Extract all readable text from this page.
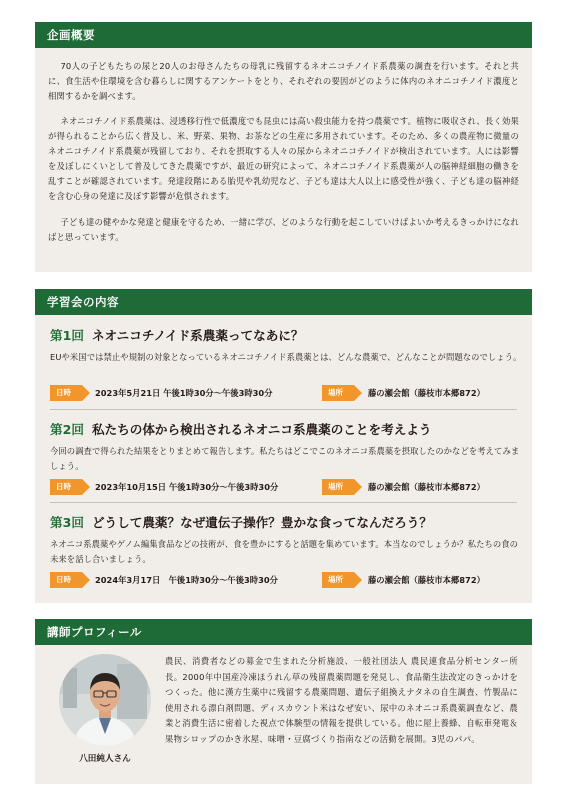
企画概要

70人の子どもたちの尿と20人のお母さんたちの母乳に残留するネオニコチノイド系農薬の調査を行います。それと共に、食生活や住環境を含む暮らしに関するアンケートをとり、それぞれの要因がどのように体内のネオニコチノイド濃度と相関するかを調べます。

ネオニコチノイド系農薬は、浸透移行性で低濃度でも昆虫には高い殺虫能力を持つ農薬です。植物に吸収され、長く効果が得られることから広く普及し、米、野菜、果物、お茶などの生産に多用されています。そのため、多くの農産物に微量のネオニコチノイド系農薬が残留しており、それを摂取する人々の尿からネオニコチノイドが検出されています。人には影響を及ぼしにくいとして普及してきた農薬ですが、最近の研究によって、ネオニコチノイド系農薬が人の脳神経細胞の働きを乱すことが確認されています。発達段階にある胎児や乳幼児など、子ども達は大人以上に感受性が強く、子ども達の脳神経を含む心身の発達に及ぼす影響が危惧されます。

子ども達の健やかな発達と健康を守るため、一緒に学び、どのような行動を起こしていけばよいか考えるきっかけになればと思っています。

学習会の内容
第1回 ネオニコチノイド系農薬ってなあに？

EUや米国では禁止や規制の対象となっているネオニコチノイド系農薬とは、どんな農薬で、どんなことが問題なのでしょう。

日時	2023年5月21日 午後1時30分～午後3時30分	場所	藤の瀬会館（藤枝市本郷872）
第2回 私たちの体から検出されるネオニコ系農薬のことを考えよう

今回の調査で得られた結果をとりまとめて報告します。私たちはどこでこのネオニコ系農薬を摂取したのかなどを考えてみましょう。

日時	2023年10月15日 午後1時30分～午後3時30分	場所	藤の瀬会館（藤枝市本郷872）
第3回 どうして農薬？なぜ遺伝子操作？豊かな食ってなんだろう？

ネオニコ系農薬やゲノム編集食品などの技術が、食を豊かにすると話題を集めています。本当なのでしょうか？私たちの食の未来を話し合いましょう。

日時	2024年3月17日　午後1時30分～午後3時30分	場所	藤の瀬会館（藤枝市本郷872）
講師プロフィール
八田純人さん

農民、消費者などの募金で生まれた分析施設、一般社団法人 農民連食品分析センター所長。2000年中国産冷凍ほうれん草の残留農薬問題を発見し、食品衛生法改定のきっかけをつくった。他に漢方生薬中に残留する農薬問題、遺伝子組換えナタネの自生調査、竹製品に使用される漂白剤問題、ディスカウント米はなぜ安い、尿中のネオニコ系農薬調査など、農業と消費生活に密着した視点で体験型の情報を提供している。他に屋上養蜂、自転車発電＆果物シロップのかき氷屋、味噌・豆腐づくり指南などの活動を展開。3児のパパ。
